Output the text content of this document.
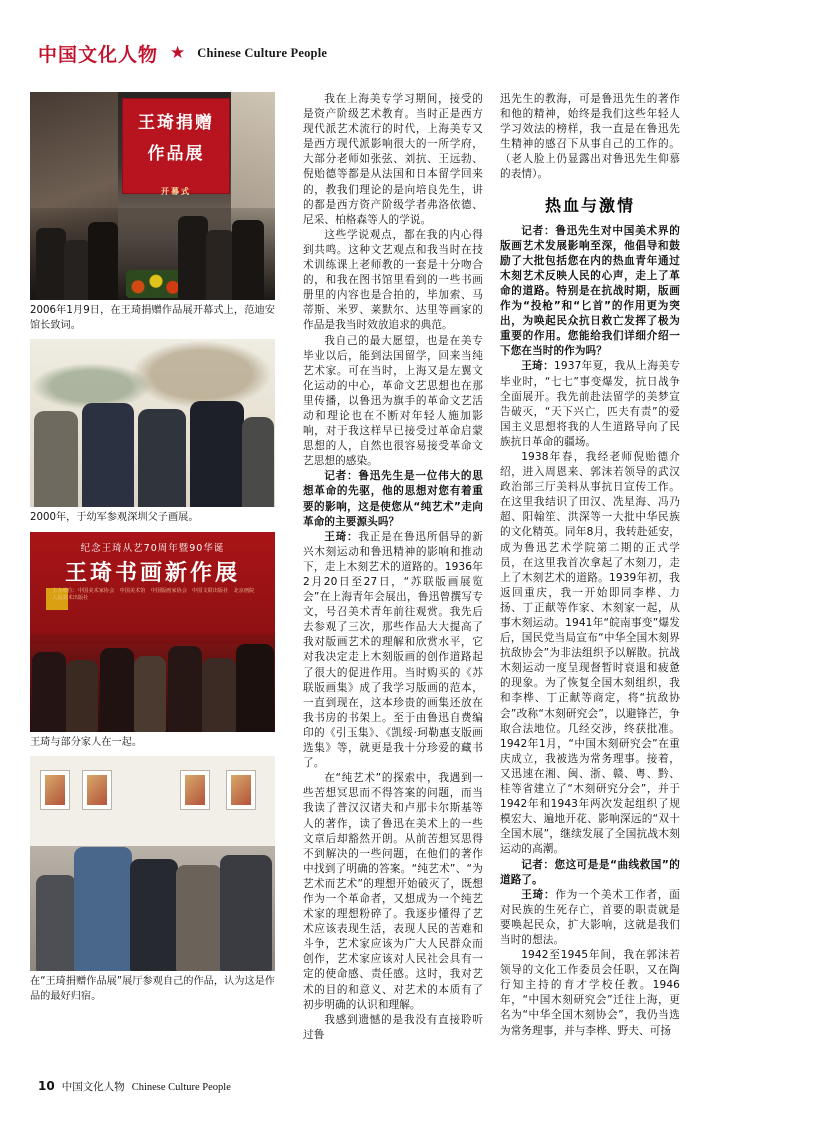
中国文化人物 ★ Chinese Culture People
王琦捐赠
作品展
开幕式
2006年1月9日，在王琦捐赠作品展开幕式上，范迪安馆长致词。
2000年，于幼军参观深圳父子画展。
纪念王琦从艺70周年暨90华诞
王琦书画新作展
主办单位：中国美术家协会　中国美术馆　中国版画家协会　中国文联出版社　北京画院　人民美术出版社
王琦与部分家人在一起。
在“王琦捐赠作品展”展厅参观自己的作品，认为这是作品的最好归宿。

我在上海美专学习期间，接受的是资产阶级艺术教育。当时正是西方现代派艺术流行的时代，上海美专又是西方现代派影响很大的一所学府，大部分老师如张弦、刘抗、王远勃、倪贻德等都是从法国和日本留学回来的，教我们理论的是向培良先生，讲的都是西方资产阶级学者弗洛依德、尼采、柏格森等人的学说。

这些学说观点，都在我的内心得到共鸣。这种文艺观点和我当时在技术训练课上老师教的一套是十分吻合的，和我在图书馆里看到的一些书画册里的内容也是合拍的，毕加索、马蒂斯、米罗、莱默尔、达里等画家的作品是我当时效放追求的典范。

我自己的最大愿望，也是在美专毕业以后，能到法国留学，回来当纯艺术家。可在当时，上海又是左翼文化运动的中心，革命文艺思想也在那里传播，以鲁迅为旗手的革命文艺活动和理论也在不断对年轻人施加影响，对于我这样早已接受过革命启蒙思想的人，自然也很容易接受革命文艺思想的感染。

记者：鲁迅先生是一位伟大的思想革命的先驱，他的思想对您有着重要的影响，这是使您从“纯艺术”走向革命的主要源头吗？

王琦：我正是在鲁迅所倡导的新兴木刻运动和鲁迅精神的影响和推动下，走上木刻艺术的道路的。1936年2月20日至27日，“苏联版画展览会”在上海青年会展出，鲁迅曾撰写专文，号召美术青年前往观赏。我先后去参观了三次，那些作品大大提高了我对版画艺术的理解和欣赏水平，它对我决定走上木刻版画的创作道路起了很大的促进作用。当时购买的《苏联版画集》成了我学习版画的范本，一直到现在，这本珍贵的画集还放在我书房的书架上。至于由鲁迅自费编印的《引玉集》、《凯绥·珂勒惠支版画选集》等，就更是我十分珍爱的藏书了。

在“纯艺术”的探索中，我遇到一些苦想冥思而不得答案的问题，而当我读了普汉汉诸夫和卢那卡尔斯基等人的著作，读了鲁迅在美术上的一些文章后却豁然开朗。从前苦想冥思得不到解决的一些问题，在他们的著作中找到了明确的答案。“纯艺术”、“为艺术而艺术”的理想开始破灭了，既想作为一个革命者，又想成为一个纯艺术家的理想粉碎了。我逐步懂得了艺术应该表现生活，表现人民的苦难和斗争，艺术家应该为广大人民群众而创作，艺术家应该对人民社会具有一定的使命感、责任感。这时，我对艺术的目的和意义、对艺术的本质有了初步明确的认识和理解。

我感到遗憾的是我没有直接聆听过鲁

迅先生的教海，可是鲁迅先生的著作和他的精神，始终是我们这些年轻人学习效法的榜样，我一直是在鲁迅先生精神的感召下从事自己的工作的。（老人脸上仍显露出对鲁迅先生仰慕的表情）。

热血与激情

记者：鲁迅先生对中国美术界的版画艺术发展影响至深，他倡导和鼓励了大批包括您在内的热血青年通过木刻艺术反映人民的心声，走上了革命的道路。特别是在抗战时期，版画作为“投枪”和“匕首”的作用更为突出，为唤起民众抗日救亡发挥了极为重要的作用。您能给我们详细介绍一下您在当时的作为吗？

王琦：1937年夏，我从上海美专毕业时，“七七”事变爆发，抗日战争全面展开。我先前赴法留学的美梦宣告破灭，“天下兴亡，匹夫有责”的爱国主义思想将我的人生道路导向了民族抗日革命的疆场。

1938年春，我经老师倪贻德介绍，进入周恩来、郭沫若领导的武汉政治部三厅美料从事抗日宣传工作。在这里我结识了田汉、冼星海、冯乃超、阳翰笙、洪深等一大批中华民族的文化精英。同年8月，我转赴延安，成为鲁迅艺术学院第二期的正式学员，在这里我首次拿起了木刻刀，走上了木刻艺术的道路。1939年初，我返回重庆，我一开始即同李桦、力扬、丁正献等作家、木刻家一起，从事木刻运动。1941年“皖南事变”爆发后，国民党当局宣布“中华全国木刻界抗敌协会”为非法组织予以解散。抗战木刻运动一度呈现督暂时衰退和疲惫的现象。为了恢复全国木刻组织，我和李桦、丁正献等商定，将“抗敌协会”改称“木刻研究会”，以避锋芒，争取合法地位。几经交涉，终获批准。1942年1月，“中国木刻研究会”在重庆成立，我被选为常务理事。接着，又迅速在湘、闽、浙、赣、粤、黔、桂等省建立了“木刻研究分会”，并于1942年和1943年两次发起组织了规模宏大、遍地开花、影响深远的“双十全国木展”，继续发展了全国抗战木刻运动的高潮。

记者：您这可是是“曲线救国”的道路了。

王琦：作为一个美术工作者，面对民族的生死存亡，首要的职责就是要唤起民众，扩大影响，这就是我们当时的想法。

1942至1945年间，我在郭沫若领导的文化工作委员会任职，又在陶行知主持的育才学校任教。1946年，“中国木刻研究会”迁往上海，更名为“中华全国木刻协会”，我仍当选为常务理事，并与李桦、野夫、可扬

10 中国文化人物 Chinese Culture People
